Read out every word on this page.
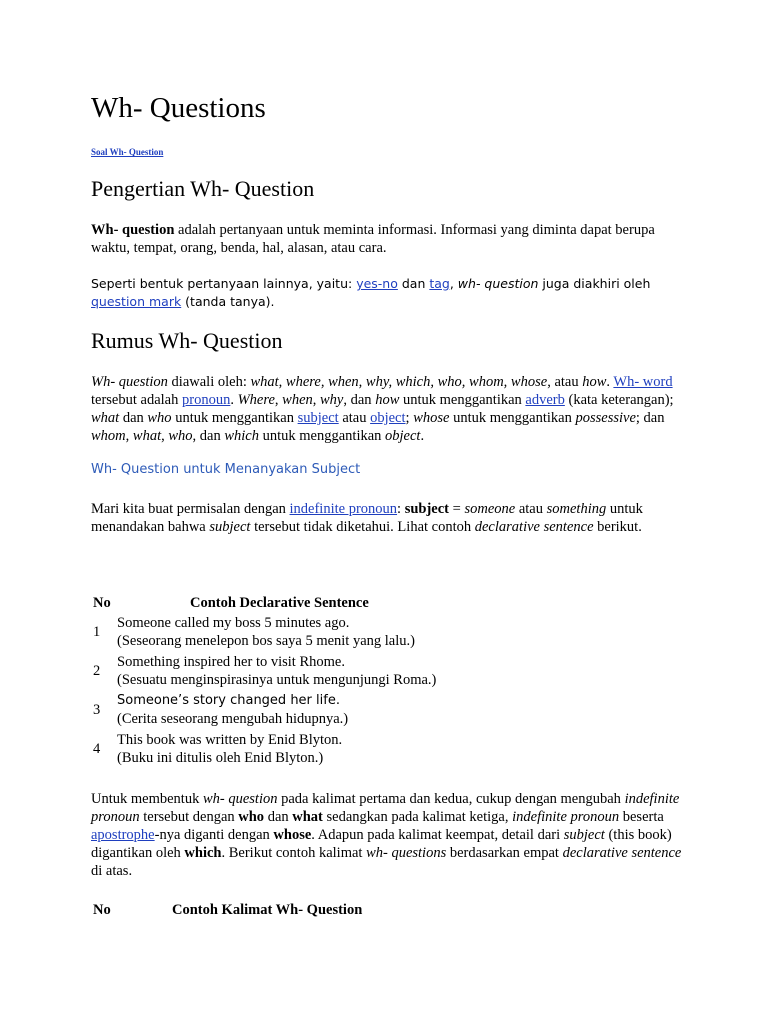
Wh- Questions
Soal Wh- Question
Pengertian Wh- Question

Wh- question adalah pertanyaan untuk meminta informasi. Informasi yang diminta dapat berupa waktu, tempat, orang, benda, hal, alasan, atau cara.

Seperti bentuk pertanyaan lainnya, yaitu: yes-no dan tag, wh- question juga diakhiri oleh question mark (tanda tanya).

Rumus Wh- Question

Wh- question diawali oleh: what, where, when, why, which, who, whom, whose, atau how. Wh- word tersebut adalah pronoun. Where, when, why, dan how untuk menggantikan adverb (kata keterangan); what dan who untuk menggantikan subject atau object; whose untuk menggantikan possessive; dan whom, what, who, dan which untuk menggantikan object.

Wh- Question untuk Menanyakan Subject

Mari kita buat permisalan dengan indefinite pronoun: subject = someone atau something untuk menandakan bahwa subject tersebut tidak diketahui. Lihat contoh declarative sentence berikut.

No	Contoh Declarative Sentence
1	Someone called my boss 5 minutes ago.
(Seseorang menelepon bos saya 5 menit yang lalu.)

2	Something inspired her to visit Rhome.
(Sesuatu menginspirasinya untuk mengunjungi Roma.)

3	Someone’s story changed her life.
(Cerita seseorang mengubah hidupnya.)

4	This book was written by Enid Blyton.
(Buku ini ditulis oleh Enid Blyton.)

Untuk membentuk wh- question pada kalimat pertama dan kedua, cukup dengan mengubah indefinite pronoun tersebut dengan who dan what sedangkan pada kalimat ketiga, indefinite pronoun beserta apostrophe-nya diganti dengan whose. Adapun pada kalimat keempat, detail dari subject (this book) digantikan oleh which. Berikut contoh kalimat wh- questions berdasarkan empat declarative sentence di atas.

No	Contoh Kalimat Wh- Question
